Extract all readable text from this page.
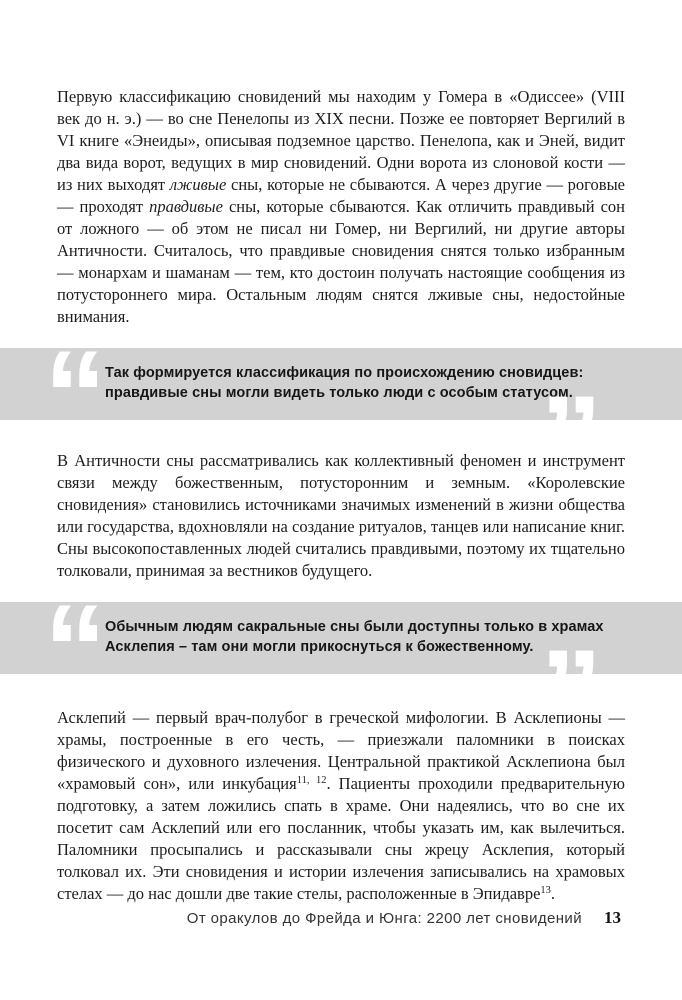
Первую классификацию сновидений мы находим у Гомера в «Одиссее» (VIII век до н. э.) — во сне Пенелопы из XIX песни. Позже ее повторяет Вергилий в VI книге «Энеиды», описывая подземное царство. Пенелопа, как и Эней, видит два вида ворот, ведущих в мир сновидений. Одни ворота из слоновой кости — из них выходят лживые сны, которые не сбываются. А через другие — роговые — проходят правдивые сны, которые сбываются. Как отличить правдивый сон от ложного — об этом не писал ни Гомер, ни Вергилий, ни другие авторы Античности. Считалось, что правдивые сновидения снятся только избранным — монархам и шаманам — тем, кто достоин получать настоящие сообщения из потустороннего мира. Остальным людям снятся лживые сны, недостойные внимания.

“
Так формируется классификация по происхождению сновидцев:
правдивые сны могли видеть только люди с особым статусом.
”

В Античности сны рассматривались как коллективный феномен и инструмент связи между божественным, потусторонним и земным. «Королевские сновидения» становились источниками значимых изменений в жизни общества или государства, вдохновляли на создание ритуалов, танцев или написание книг. Сны высокопоставленных людей считались правдивыми, поэтому их тщательно толковали, принимая за вестников будущего.

“
Обычным людям сакральные сны были доступны только в храмах
Асклепия – там они могли прикоснуться к божественному. ”

Асклепий — первый врач-полубог в греческой мифологии. В Асклепионы — храмы, построенные в его честь, — приезжали паломники в поисках физического и духовного излечения. Центральной практикой Асклепиона был «храмовый сон», или инкубация$^{11, 12}$. Пациенты проходили предварительную подготовку, а затем ложились спать в храме. Они надеялись, что во сне их посетит сам Асклепий или его посланник, чтобы указать им, как вылечиться. Паломники просыпались и рассказывали сны жрецу Асклепия, который толковал их. Эти сновидения и истории излечения записывались на храмовых стелах — до нас дошли две такие стелы, расположенные в Эпидавре$^{13}$.

От оракулов до Фрейда и Юнга: 2200 лет сновидений 13
